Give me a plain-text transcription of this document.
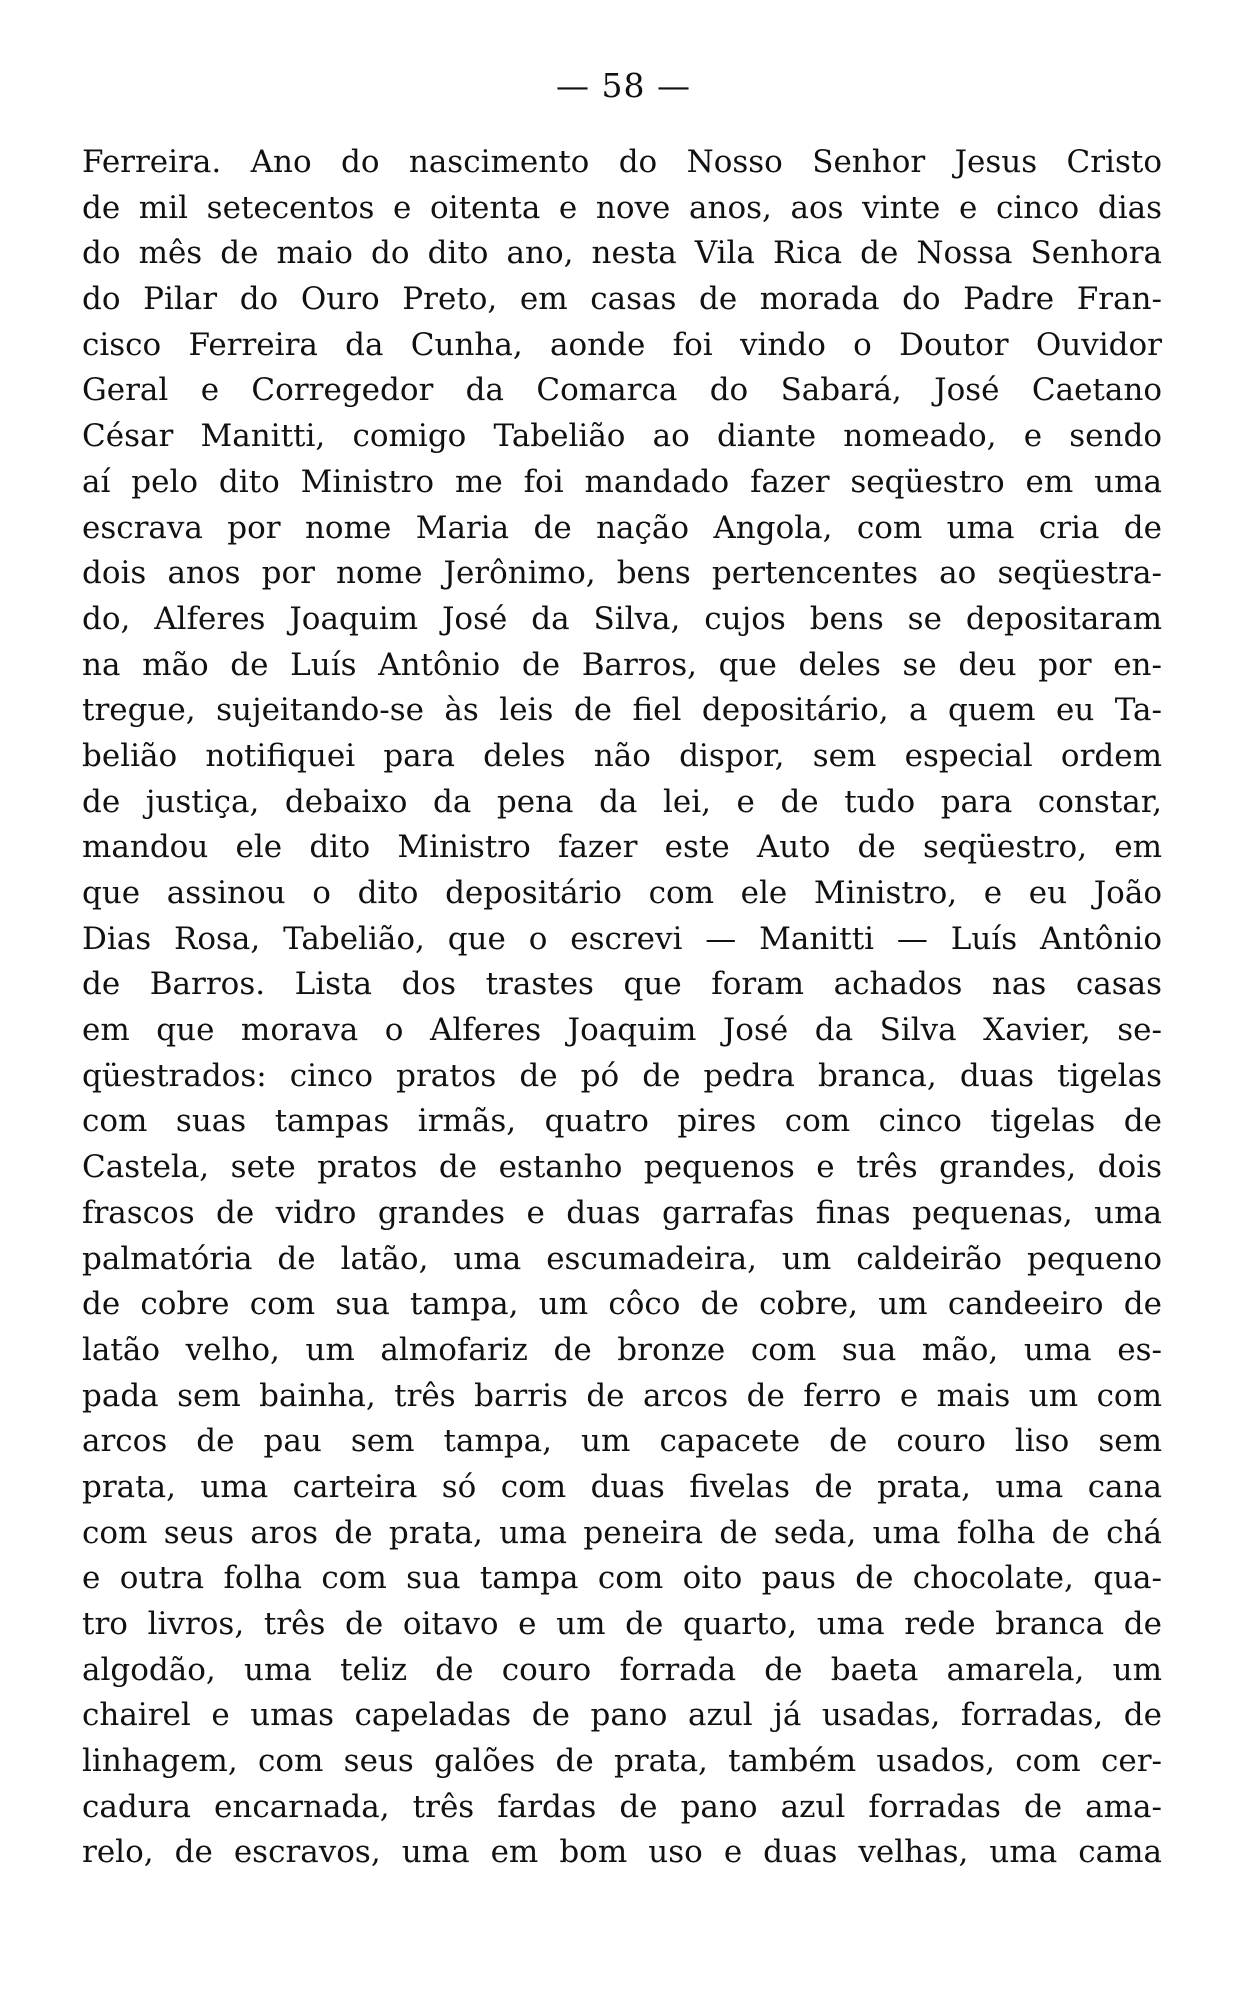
— 58 —
Ferreira. Ano do nascimento do Nosso Senhor Jesus Cristo
de mil setecentos e oitenta e nove anos, aos vinte e cinco dias
do mês de maio do dito ano, nesta Vila Rica de Nossa Senhora
do Pilar do Ouro Preto, em casas de morada do Padre Fran-
cisco Ferreira da Cunha, aonde foi vindo o Doutor Ouvidor
Geral e Corregedor da Comarca do Sabará, José Caetano
César Manitti, comigo Tabelião ao diante nomeado, e sendo
aí pelo dito Ministro me foi mandado fazer seqüestro em uma
escrava por nome Maria de nação Angola, com uma cria de
dois anos por nome Jerônimo, bens pertencentes ao seqüestra-
do, Alferes Joaquim José da Silva, cujos bens se depositaram
na mão de Luís Antônio de Barros, que deles se deu por en-
tregue, sujeitando-se às leis de fiel depositário, a quem eu Ta-
belião notifiquei para deles não dispor, sem especial ordem
de justiça, debaixo da pena da lei, e de tudo para constar,
mandou ele dito Ministro fazer este Auto de seqüestro, em
que assinou o dito depositário com ele Ministro, e eu João
Dias Rosa, Tabelião, que o escrevi — Manitti — Luís Antônio
de Barros. Lista dos trastes que foram achados nas casas
em que morava o Alferes Joaquim José da Silva Xavier, se-
qüestrados: cinco pratos de pó de pedra branca, duas tigelas
com suas tampas irmãs, quatro pires com cinco tigelas de
Castela, sete pratos de estanho pequenos e três grandes, dois
frascos de vidro grandes e duas garrafas finas pequenas, uma
palmatória de latão, uma escumadeira, um caldeirão pequeno
de cobre com sua tampa, um côco de cobre, um candeeiro de
latão velho, um almofariz de bronze com sua mão, uma es-
pada sem bainha, três barris de arcos de ferro e mais um com
arcos de pau sem tampa, um capacete de couro liso sem
prata, uma carteira só com duas fivelas de prata, uma cana
com seus aros de prata, uma peneira de seda, uma folha de chá
e outra folha com sua tampa com oito paus de chocolate, qua-
tro livros, três de oitavo e um de quarto, uma rede branca de
algodão, uma teliz de couro forrada de baeta amarela, um
chairel e umas capeladas de pano azul já usadas, forradas, de
linhagem, com seus galões de prata, também usados, com cer-
cadura encarnada, três fardas de pano azul forradas de ama-
relo, de escravos, uma em bom uso e duas velhas, uma cama
